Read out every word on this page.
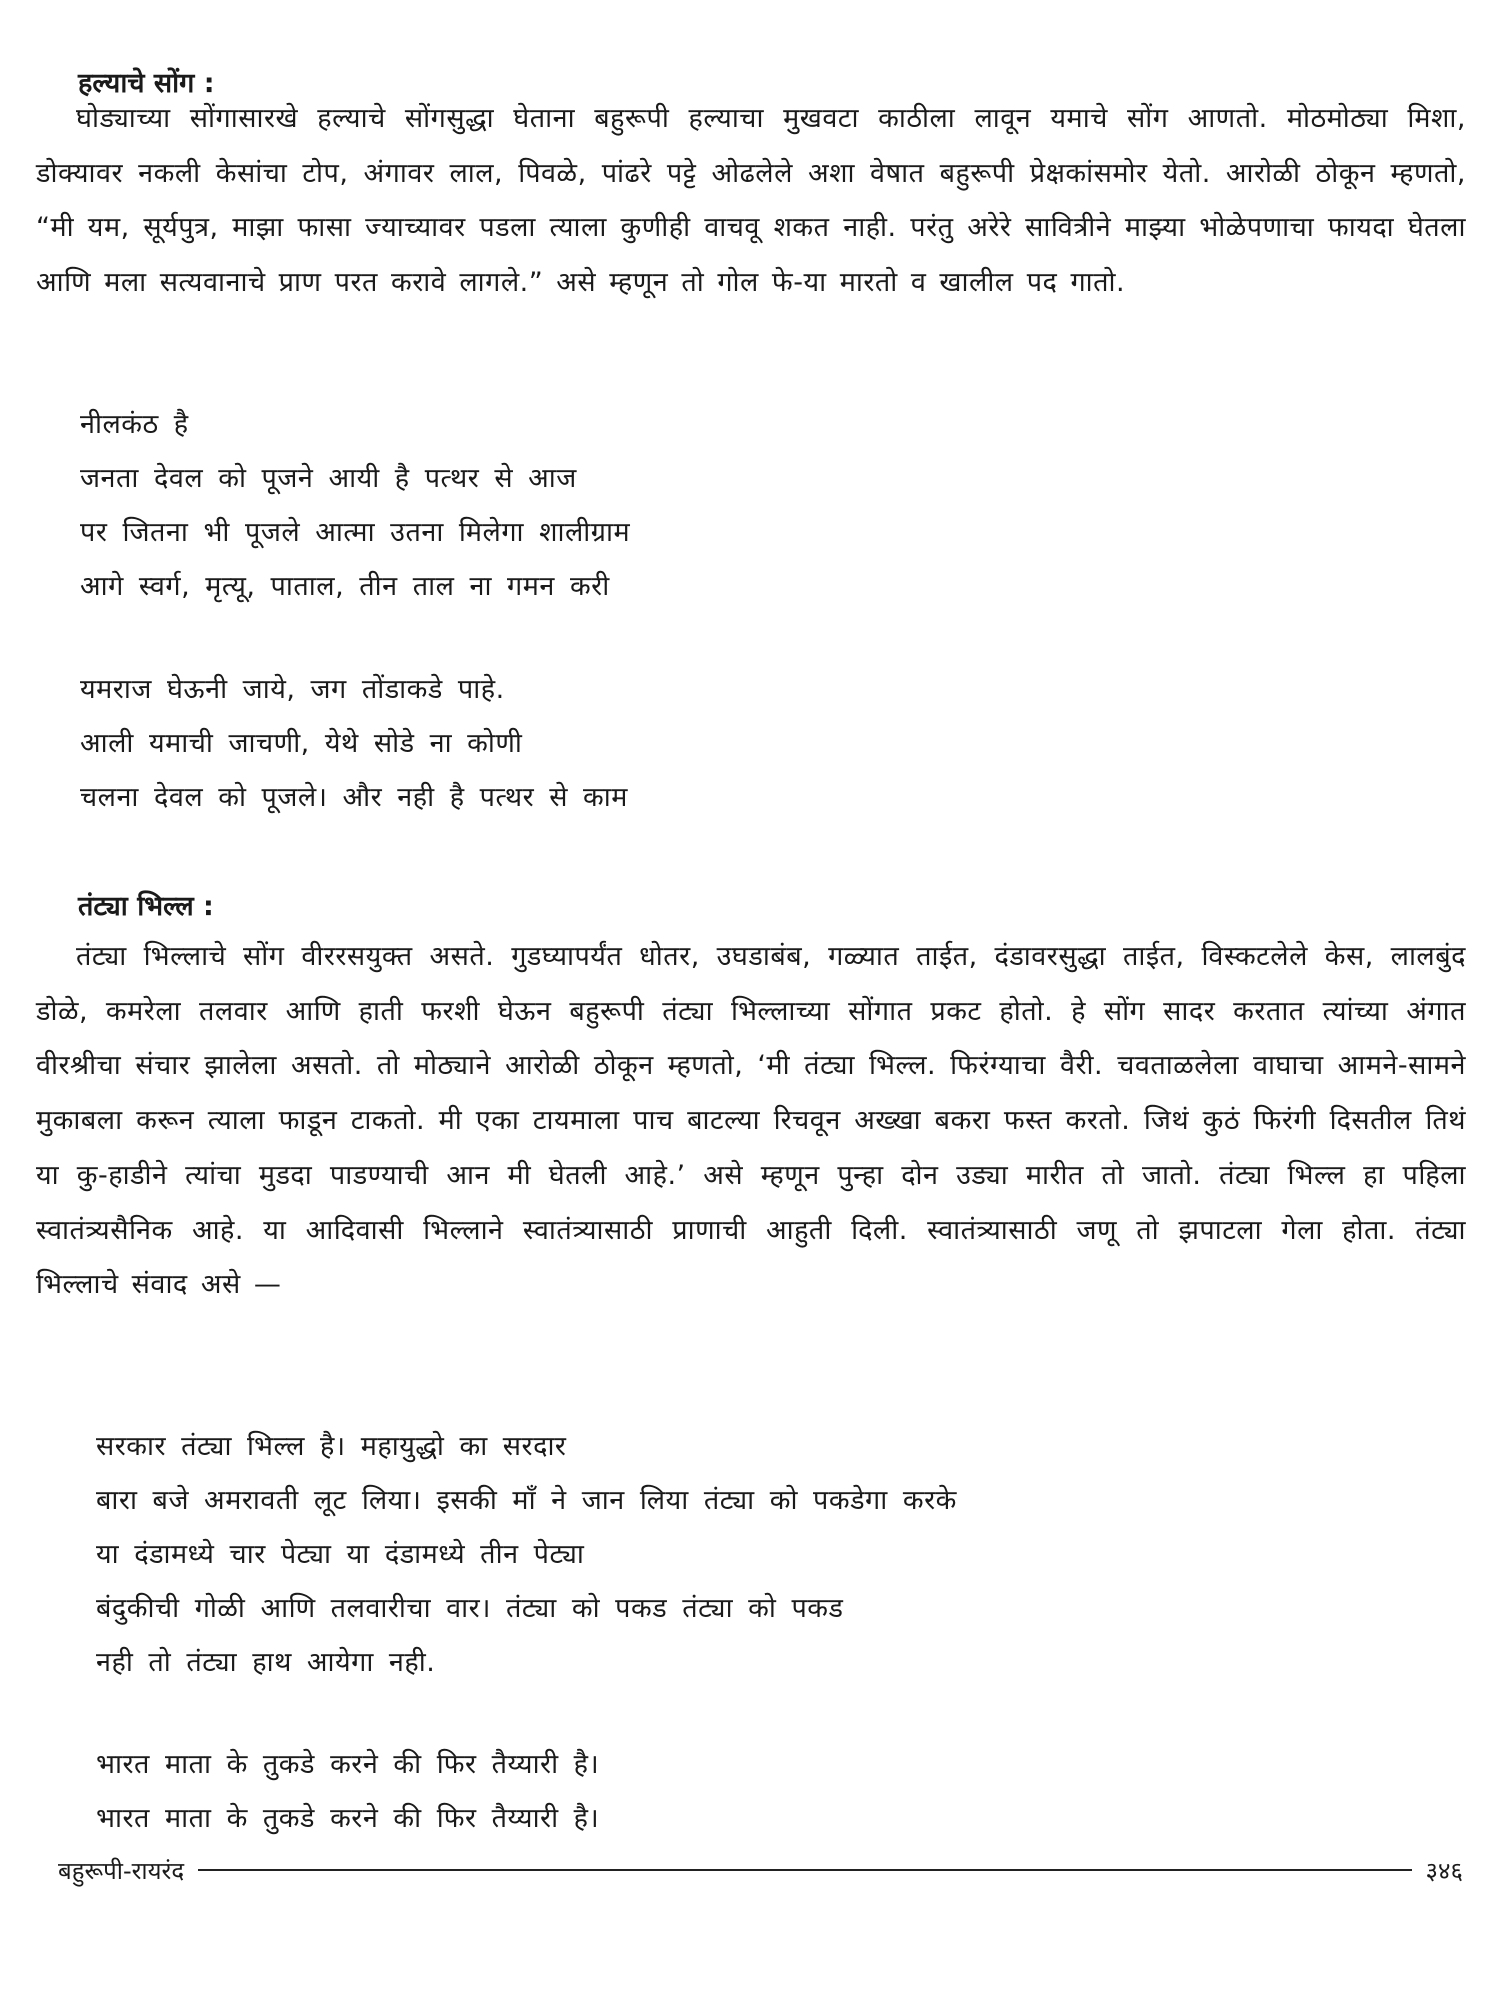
हल्याचे सोंग :

घोड्याच्या सोंगासारखे हल्याचे सोंगसुद्धा घेताना बहुरूपी हल्याचा मुखवटा काठीला लावून यमाचे सोंग आणतो. मोठमोठ्या मिशा, डोक्यावर नकली केसांचा टोप, अंगावर लाल, पिवळे, पांढरे पट्टे ओढलेले अशा वेषात बहुरूपी प्रेक्षकांसमोर येतो. आरोळी ठोकून म्हणतो, “मी यम, सूर्यपुत्र, माझा फासा ज्याच्यावर पडला त्याला कुणीही वाचवू शकत नाही. परंतु अरेरे सावित्रीने माझ्या भोळेपणाचा फायदा घेतला आणि मला सत्यवानाचे प्राण परत करावे लागले.” असे म्हणून तो गोल फे-या मारतो व खालील पद गातो.

नीलकंठ है
जनता देवल को पूजने आयी है पत्थर से आज
पर जितना भी पूजले आत्मा उतना मिलेगा शालीग्राम
आगे स्वर्ग, मृत्यू, पाताल, तीन ताल ना गमन करी
यमराज घेऊनी जाये, जग तोंडाकडे पाहे.
आली यमाची जाचणी, येथे सोडे ना कोणी
चलना देवल को पूजले। और नही है पत्थर से काम
तंट्या भिल्ल :

तंट्या भिल्लाचे सोंग वीररसयुक्त असते. गुडघ्यापर्यंत धोतर, उघडाबंब, गळ्यात ताईत, दंडावरसुद्धा ताईत, विस्कटलेले केस, लालबुंद डोळे, कमरेला तलवार आणि हाती फरशी घेऊन बहुरूपी तंट्या भिल्लाच्या सोंगात प्रकट होतो. हे सोंग सादर करतात त्यांच्या अंगात वीरश्रीचा संचार झालेला असतो. तो मोठ्याने आरोळी ठोकून म्हणतो, ‘मी तंट्या भिल्ल. फिरंग्याचा वैरी. चवताळलेला वाघाचा आमने-सामने मुकाबला करून त्याला फाडून टाकतो. मी एका टायमाला पाच बाटल्या रिचवून अख्खा बकरा फस्त करतो. जिथं कुठं फिरंगी दिसतील तिथं या कु-हाडीने त्यांचा मुडदा पाडण्याची आन मी घेतली आहे.’ असे म्हणून पुन्हा दोन उड्या मारीत तो जातो. तंट्या भिल्ल हा पहिला स्वातंत्र्यसैनिक आहे. या आदिवासी भिल्लाने स्वातंत्र्यासाठी प्राणाची आहुती दिली. स्वातंत्र्यासाठी जणू तो झपाटला गेला होता. तंट्या भिल्लाचे संवाद असे —

सरकार तंट्या भिल्ल है। महायुद्धो का सरदार
बारा बजे अमरावती लूट लिया। इसकी माँ ने जान लिया तंट्या को पकडेगा करके
या दंडामध्ये चार पेट्या या दंडामध्ये तीन पेट्या
बंदुकीची गोळी आणि तलवारीचा वार। तंट्या को पकड तंट्या को पकड
नही तो तंट्या हाथ आयेगा नही.
भारत माता के तुकडे करने की फिर तैय्यारी है।
भारत माता के तुकडे करने की फिर तैय्यारी है।
बहुरूपी-रायरंद	३४६
